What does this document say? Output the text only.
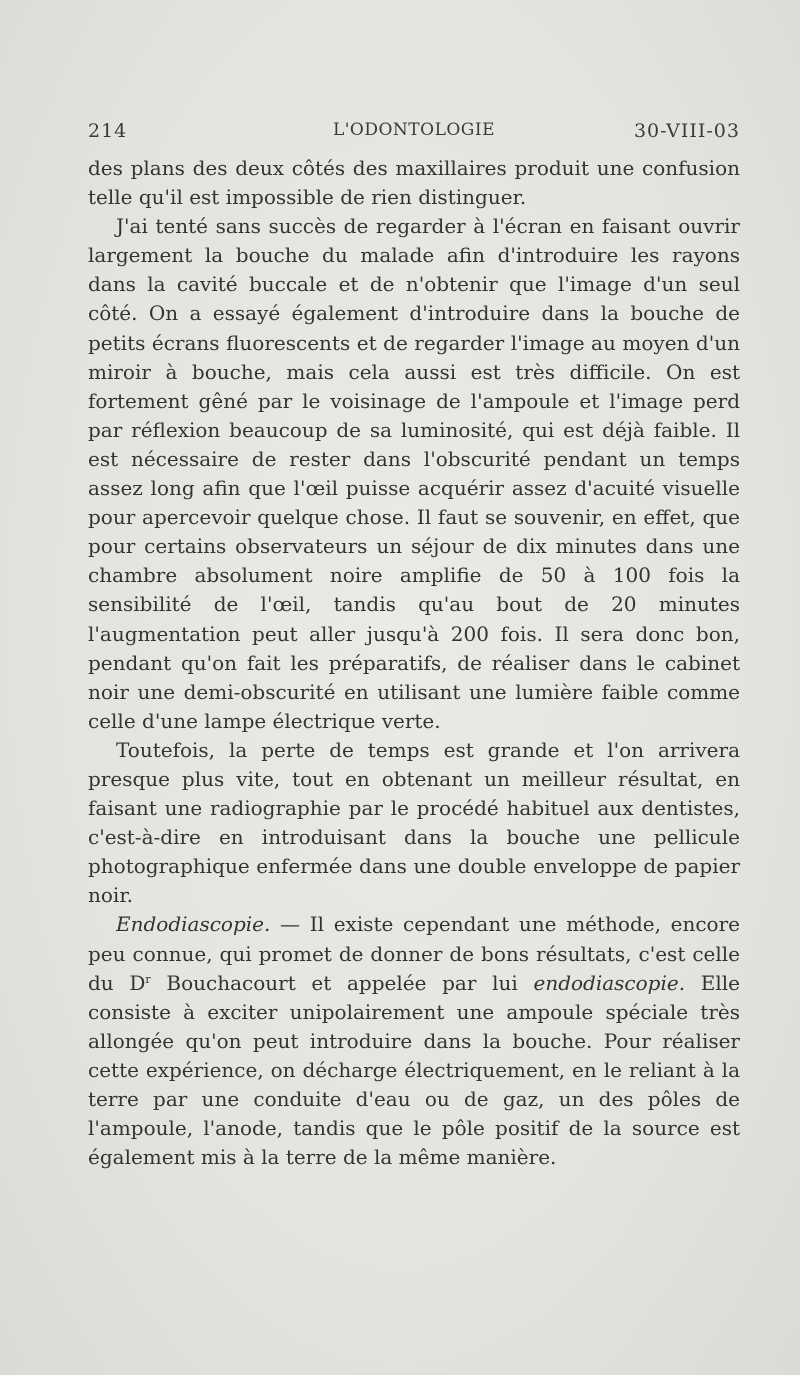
214	L'ODONTOLOGIE	30-VIII-03

des plans des deux côtés des maxillaires produit une confusion telle qu'il est impossible de rien distinguer.

J'ai tenté sans succès de regarder à l'écran en faisant ouvrir largement la bouche du malade afin d'introduire les rayons dans la cavité buccale et de n'obtenir que l'image d'un seul côté. On a essayé également d'introduire dans la bouche de petits écrans fluorescents et de regarder l'image au moyen d'un miroir à bouche, mais cela aussi est très difficile. On est fortement gêné par le voisinage de l'ampoule et l'image perd par réflexion beaucoup de sa luminosité, qui est déjà faible. Il est nécessaire de rester dans l'obscurité pendant un temps assez long afin que l'œil puisse acquérir assez d'acuité visuelle pour apercevoir quelque chose. Il faut se souvenir, en effet, que pour certains observateurs un séjour de dix minutes dans une chambre absolument noire amplifie de 50 à 100 fois la sensibilité de l'œil, tandis qu'au bout de 20 minutes l'augmentation peut aller jusqu'à 200 fois. Il sera donc bon, pendant qu'on fait les préparatifs, de réaliser dans le cabinet noir une demi-obscurité en utilisant une lumière faible comme celle d'une lampe électrique verte.

Toutefois, la perte de temps est grande et l'on arrivera presque plus vite, tout en obtenant un meilleur résultat, en faisant une radiographie par le procédé habituel aux dentistes, c'est-à-dire en introduisant dans la bouche une pellicule photographique enfermée dans une double enveloppe de papier noir.

Endodiascopie. — Il existe cependant une méthode, encore peu connue, qui promet de donner de bons résultats, c'est celle du $D^r$ Bouchacourt et appelée par lui endodiascopie. Elle consiste à exciter unipolairement une ampoule spéciale très allongée qu'on peut introduire dans la bouche. Pour réaliser cette expérience, on décharge électriquement, en le reliant à la terre par une conduite d'eau ou de gaz, un des pôles de l'ampoule, l'anode, tandis que le pôle positif de la source est également mis à la terre de la même manière.
